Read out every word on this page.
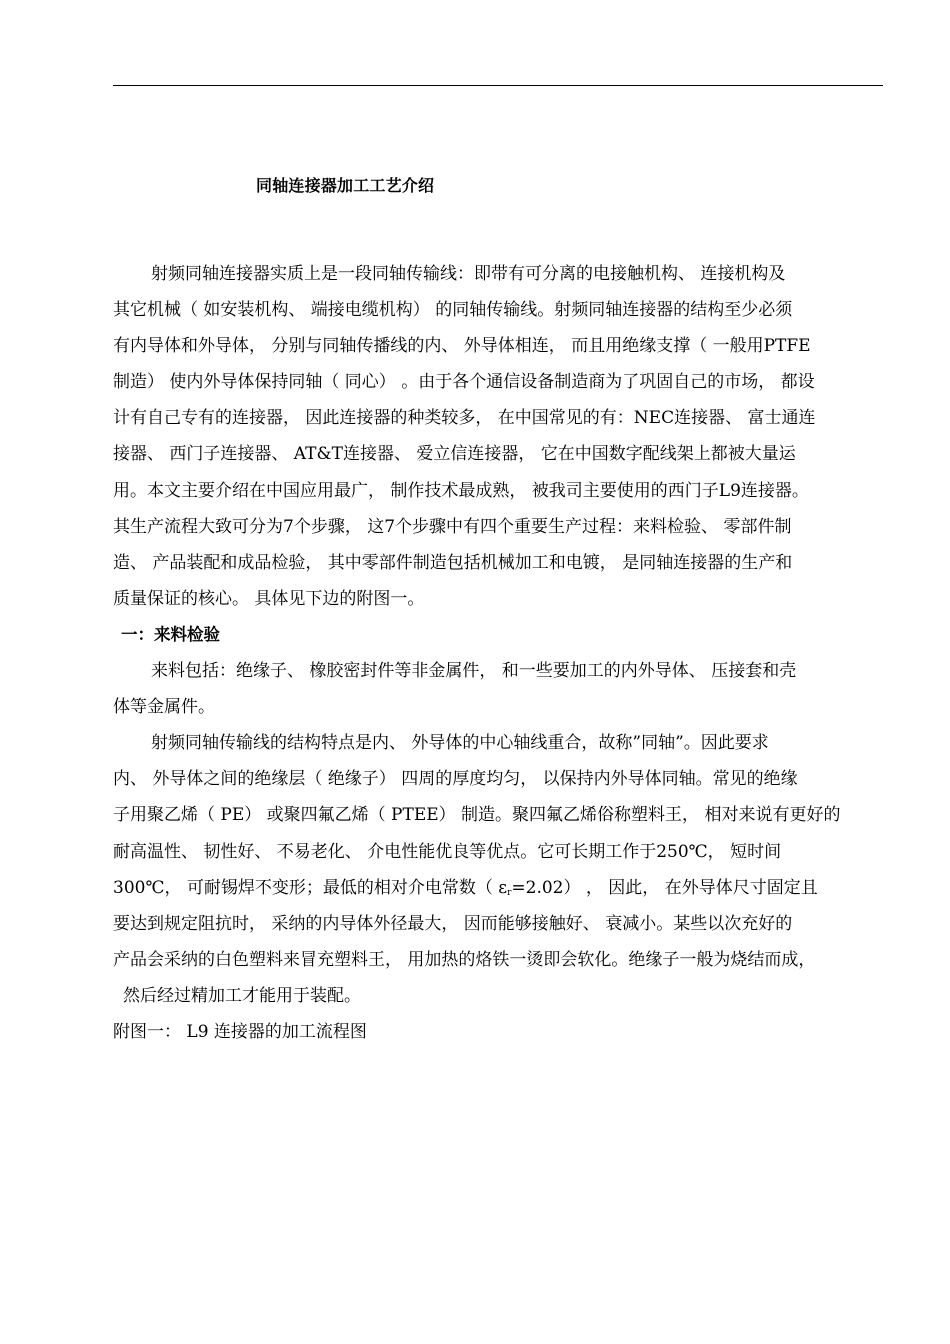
同轴连接器加工工艺介绍
射频同轴连接器实质上是一段同轴传输线：即带有可分离的电接触机构、 连接机构及
其它机械（ 如安装机构、 端接电缆机构） 的同轴传输线。射频同轴连接器的结构至少必须
有内导体和外导体， 分别与同轴传播线的内、 外导体相连， 而且用绝缘支撑（ 一般用PTFE
制造） 使内外导体保持同轴（ 同心） 。由于各个通信设备制造商为了巩固自己的市场， 都设
计有自己专有的连接器， 因此连接器的种类较多， 在中国常见的有：NEC连接器、 富士通连
接器、 西门子连接器、 AT&T连接器、 爱立信连接器， 它在中国数字配线架上都被大量运
用。本文主要介绍在中国应用最广， 制作技术最成熟， 被我司主要使用的西门子L9连接器。
其生产流程大致可分为7个步骤， 这7个步骤中有四个重要生产过程：来料检验、 零部件制
造、 产品装配和成品检验， 其中零部件制造包括机械加工和电镀， 是同轴连接器的生产和
质量保证的核心。 具体见下边的附图一。
一：来料检验
来料包括：绝缘子、 橡胶密封件等非金属件， 和一些要加工的内外导体、 压接套和壳
体等金属件。
射频同轴传输线的结构特点是内、 外导体的中心轴线重合，故称”同轴”。因此要求
内、 外导体之间的绝缘层（ 绝缘子） 四周的厚度均匀， 以保持内外导体同轴。常见的绝缘
子用聚乙烯（ PE） 或聚四氟乙烯（ PTEE） 制造。聚四氟乙烯俗称塑料王， 相对来说有更好的
耐高温性、 韧性好、 不易老化、 介电性能优良等优点。它可长期工作于250℃， 短时间
300℃， 可耐锡焊不变形；最低的相对介电常数（ $\varepsilon_r=2.02$） ， 因此， 在外导体尺寸固定且
要达到规定阻抗时， 采纳的内导体外径最大， 因而能够接触好、 衰减小。某些以次充好的
产品会采纳的白色塑料来冒充塑料王， 用加热的烙铁一烫即会软化。绝缘子一般为烧结而成，
然后经过精加工才能用于装配。
附图一： L9 连接器的加工流程图
